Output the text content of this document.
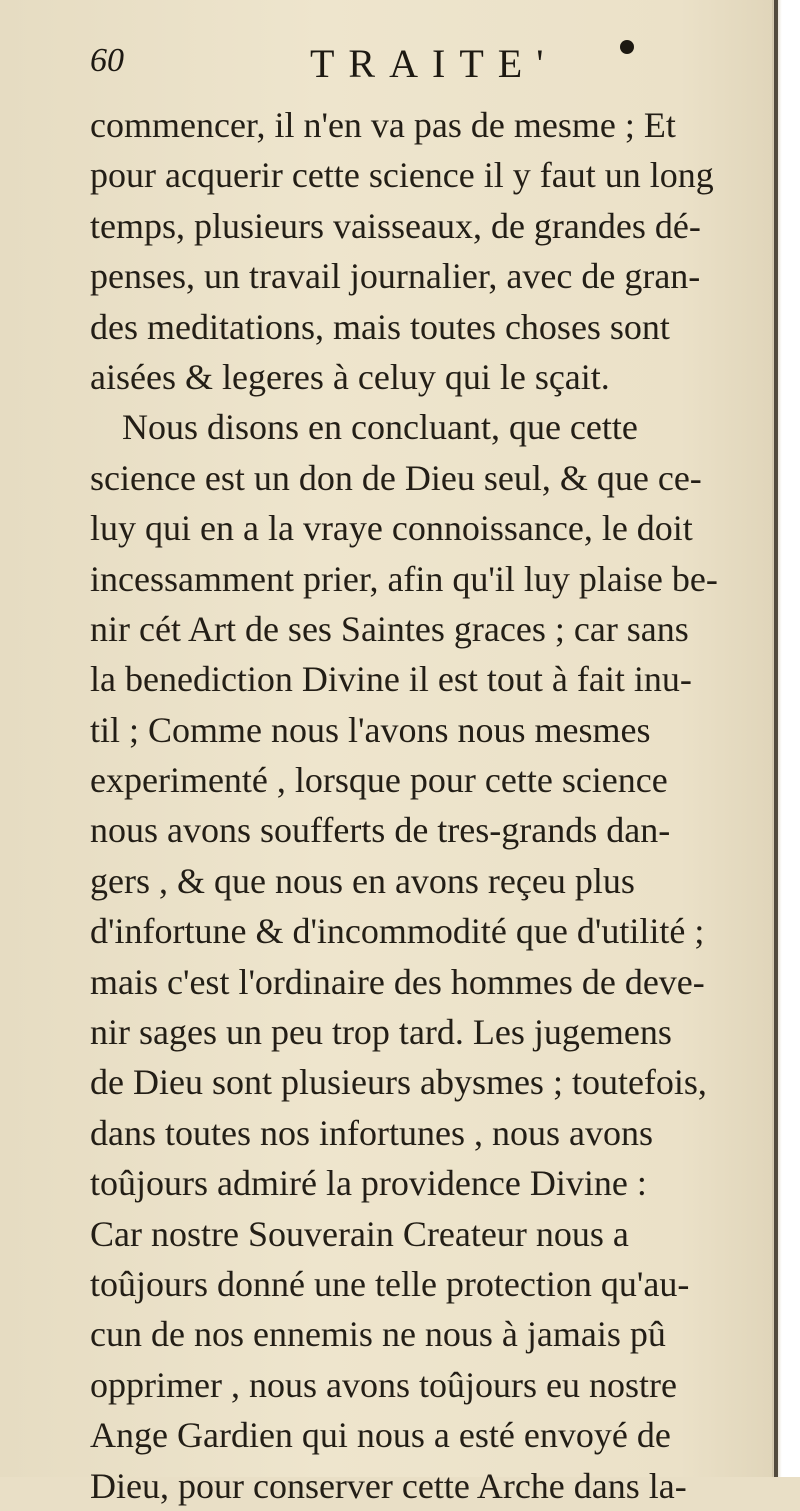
60	TRAITE'
commencer, il n'en va pas de mesme ; Et
pour acquerir cette science il y faut un long
temps, plusieurs vaisseaux, de grandes dé-
penses, un travail journalier, avec de gran-
des meditations, mais toutes choses sont
aisées & legeres à celuy qui le sçait.
Nous disons en concluant, que cette
science est un don de Dieu seul, & que ce-
luy qui en a la vraye connoissance, le doit
incessamment prier, afin qu'il luy plaise be-
nir cét Art de ses Saintes graces ; car sans
la benediction Divine il est tout à fait inu-
til ; Comme nous l'avons nous mesmes
experimenté , lorsque pour cette science
nous avons soufferts de tres-grands dan-
gers , & que nous en avons reçeu plus
d'infortune & d'incommodité que d'utilité ;
mais c'est l'ordinaire des hommes de deve-
nir sages un peu trop tard. Les jugemens
de Dieu sont plusieurs abysmes ; toutefois,
dans toutes nos infortunes , nous avons
toûjours admiré la providence Divine :
Car nostre Souverain Createur nous a
toûjours donné une telle protection qu'au-
cun de nos ennemis ne nous à jamais pû
opprimer , nous avons toûjours eu nostre
Ange Gardien qui nous a esté envoyé de
Dieu, pour conserver cette Arche dans la-
